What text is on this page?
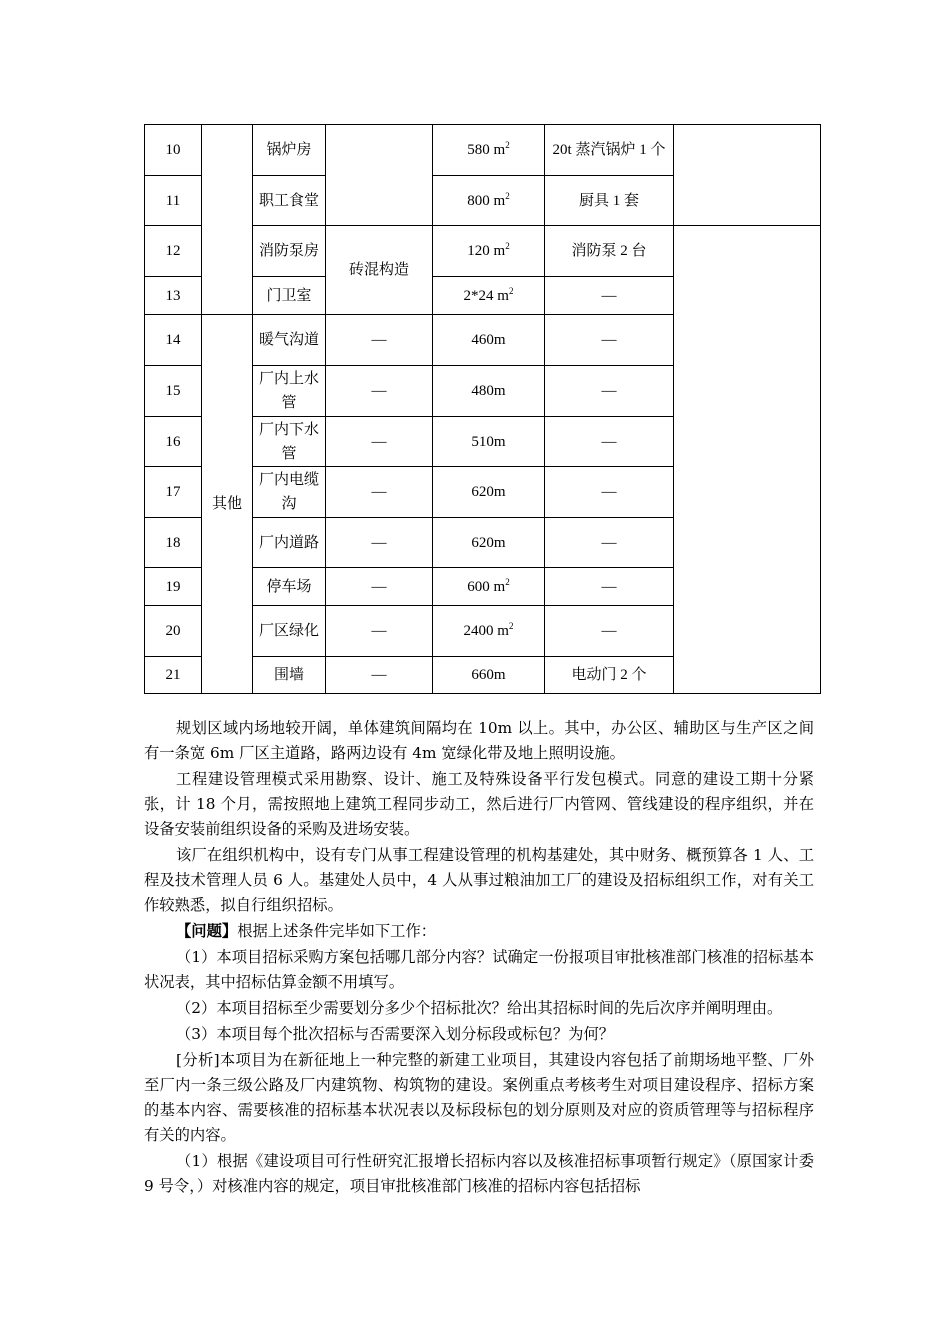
10		锅炉房		580 $m^2$	20t 蒸汽锅炉 1 个	
11		职工食堂		800 $m^2$	厨具 1 套	
12		消防泵房	砖混构造	120 $m^2$	消防泵 2 台	
13		门卫室		2*24 $m^2$	—	
14	其他	暖气沟道	—	460m	—	
15		厂内上水管	—	480m	—	
16		厂内下水管	—	510m	—	
17		厂内电缆沟	—	620m	—	
18		厂内道路	—	620m	—	
19		停车场	—	600 $m^2$	—	
20		厂区绿化	—	2400 $m^2$	—	
21		围墙	—	660m	电动门 2 个	

规划区域内场地较开阔，单体建筑间隔均在 10m 以上。其中，办公区、辅助区与生产区之间有一条宽 6m 厂区主道路，路两边设有 4m 宽绿化带及地上照明设施。

工程建设管理模式采用勘察、设计、施工及特殊设备平行发包模式。同意的建设工期十分紧张，计 18 个月，需按照地上建筑工程同步动工，然后进行厂内管网、管线建设的程序组织，并在设备安装前组织设备的采购及进场安装。

该厂在组织机构中，设有专门从事工程建设管理的机构基建处，其中财务、概预算各 1 人、工程及技术管理人员 6 人。基建处人员中，4 人从事过粮油加工厂的建设及招标组织工作，对有关工作较熟悉，拟自行组织招标。

【问题】根据上述条件完毕如下工作：

（1）本项目招标采购方案包括哪几部分内容？试确定一份报项目审批核准部门核准的招标基本状况表，其中招标估算金额不用填写。

（2）本项目招标至少需要划分多少个招标批次？给出其招标时间的先后次序并阐明理由。

（3）本项目每个批次招标与否需要深入划分标段或标包？为何？

[分析]本项目为在新征地上一种完整的新建工业项目，其建设内容包括了前期场地平整、厂外至厂内一条三级公路及厂内建筑物、构筑物的建设。案例重点考核考生对项目建设程序、招标方案的基本内容、需要核准的招标基本状况表以及标段标包的划分原则及对应的资质管理等与招标程序有关的内容。

（1）根据《建设项目可行性研究汇报增长招标内容以及核准招标事项暂行规定》（原国家计委 9 号令，）对核准内容的规定，项目审批核准部门核准的招标内容包括招标
